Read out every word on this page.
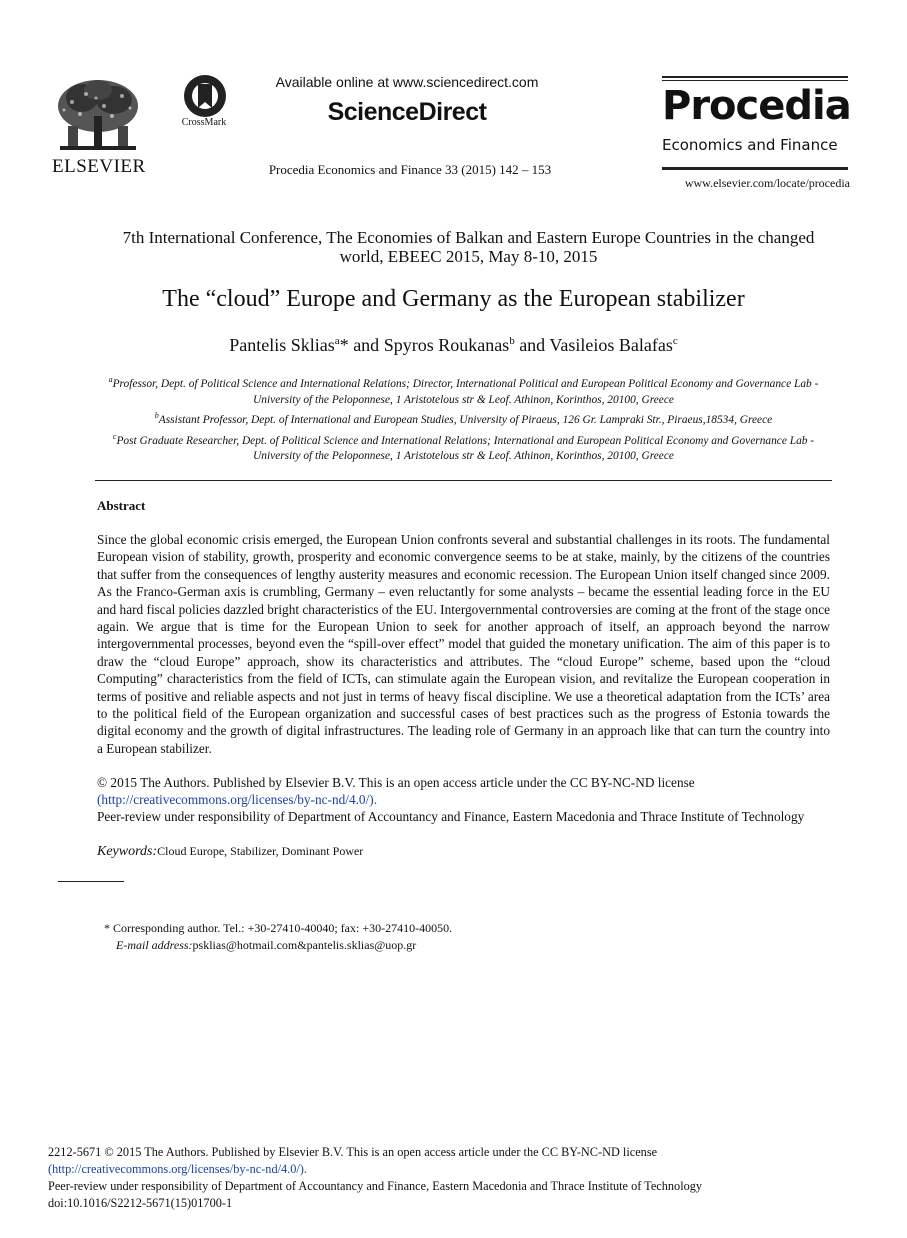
ELSEVIER
CrossMark
Available online at www.sciencedirect.com
ScienceDirect
Procedia Economics and Finance 33 (2015) 142 – 153
Procedia
Economics and Finance
www.elsevier.com/locate/procedia
7th International Conference, The Economies of Balkan and Eastern Europe Countries in the changed world, EBEEC 2015, May 8-10, 2015
The “cloud” Europe and Germany as the European stabilizer
Pantelis Sklias$^a$* and Spyros Roukanas$^b$ and Vasileios Balafas$^c$
$^a$Professor, Dept. of Political Science and International Relations; Director, International Political and European Political Economy and Governance Lab - University of the Peloponnese, 1 Aristotelous str & Leof. Athinon, Korinthos, 20100, Greece
$^b$Assistant Professor, Dept. of International and European Studies, University of Piraeus, 126 Gr. Lampraki Str., Piraeus,18534, Greece
$^c$Post Graduate Researcher, Dept. of Political Science and International Relations; International and European Political Economy and Governance Lab - University of the Peloponnese, 1 Aristotelous str & Leof. Athinon, Korinthos, 20100, Greece
Abstract
Since the global economic crisis emerged, the European Union confronts several and substantial challenges in its roots. The fundamental European vision of stability, growth, prosperity and economic convergence seems to be at stake, mainly, by the citizens of the countries that suffer from the consequences of lengthy austerity measures and economic recession. The European Union itself changed since 2009. As the Franco-German axis is crumbling, Germany – even reluctantly for some analysts – became the essential leading force in the EU and hard fiscal policies dazzled bright characteristics of the EU. Intergovernmental controversies are coming at the front of the stage once again. We argue that is time for the European Union to seek for another approach of itself, an approach beyond the narrow intergovernmental processes, beyond even the “spill-over effect” model that guided the monetary unification. The aim of this paper is to draw the “cloud Europe” approach, show its characteristics and attributes. The “cloud Europe” scheme, based upon the “cloud Computing” characteristics from the field of ICTs, can stimulate again the European vision, and revitalize the European cooperation in terms of positive and reliable aspects and not just in terms of heavy fiscal discipline. We use a theoretical adaptation from the ICTs’ area to the political field of the European organization and successful cases of best practices such as the progress of Estonia towards the digital economy and the growth of digital infrastructures. The leading role of Germany in an approach like that can turn the country into a European stabilizer.
© 2015 The Authors. Published by Elsevier B.V. This is an open access article under the CC BY-NC-ND license
(http://creativecommons.org/licenses/by-nc-nd/4.0/).
Peer-review under responsibility of Department of Accountancy and Finance, Eastern Macedonia and Thrace Institute of Technology
Keywords:Cloud Europe, Stabilizer, Dominant Power
* Corresponding author. Tel.: +30-27410-40040; fax: +30-27410-40050.
E-mail address:psklias@hotmail.com&pantelis.sklias@uop.gr
2212-5671 © 2015 The Authors. Published by Elsevier B.V. This is an open access article under the CC BY-NC-ND license
(http://creativecommons.org/licenses/by-nc-nd/4.0/).
Peer-review under responsibility of Department of Accountancy and Finance, Eastern Macedonia and Thrace Institute of Technology
doi:10.1016/S2212-5671(15)01700-1
